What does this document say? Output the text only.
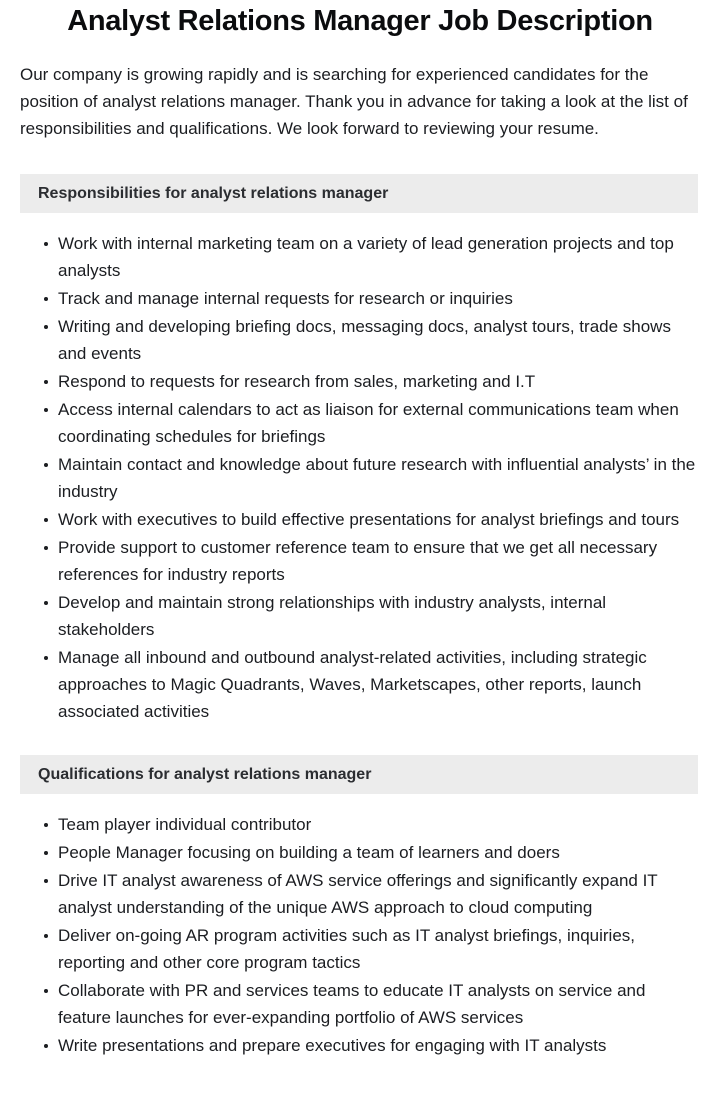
Analyst Relations Manager Job Description

Our company is growing rapidly and is searching for experienced candidates for the position of analyst relations manager. Thank you in advance for taking a look at the list of responsibilities and qualifications. We look forward to reviewing your resume.

Responsibilities for analyst relations manager
Work with internal marketing team on a variety of lead generation projects and top analysts
Track and manage internal requests for research or inquiries
Writing and developing briefing docs, messaging docs, analyst tours, trade shows and events
Respond to requests for research from sales, marketing and I.T
Access internal calendars to act as liaison for external communications team when coordinating schedules for briefings
Maintain contact and knowledge about future research with influential analysts’ in the industry
Work with executives to build effective presentations for analyst briefings and tours
Provide support to customer reference team to ensure that we get all necessary references for industry reports
Develop and maintain strong relationships with industry analysts, internal stakeholders
Manage all inbound and outbound analyst-related activities, including strategic approaches to Magic Quadrants, Waves, Marketscapes, other reports, launch associated activities
Qualifications for analyst relations manager
Team player individual contributor
People Manager focusing on building a team of learners and doers
Drive IT analyst awareness of AWS service offerings and significantly expand IT analyst understanding of the unique AWS approach to cloud computing
Deliver on-going AR program activities such as IT analyst briefings, inquiries, reporting and other core program tactics
Collaborate with PR and services teams to educate IT analysts on service and feature launches for ever-expanding portfolio of AWS services
Write presentations and prepare executives for engaging with IT analysts
